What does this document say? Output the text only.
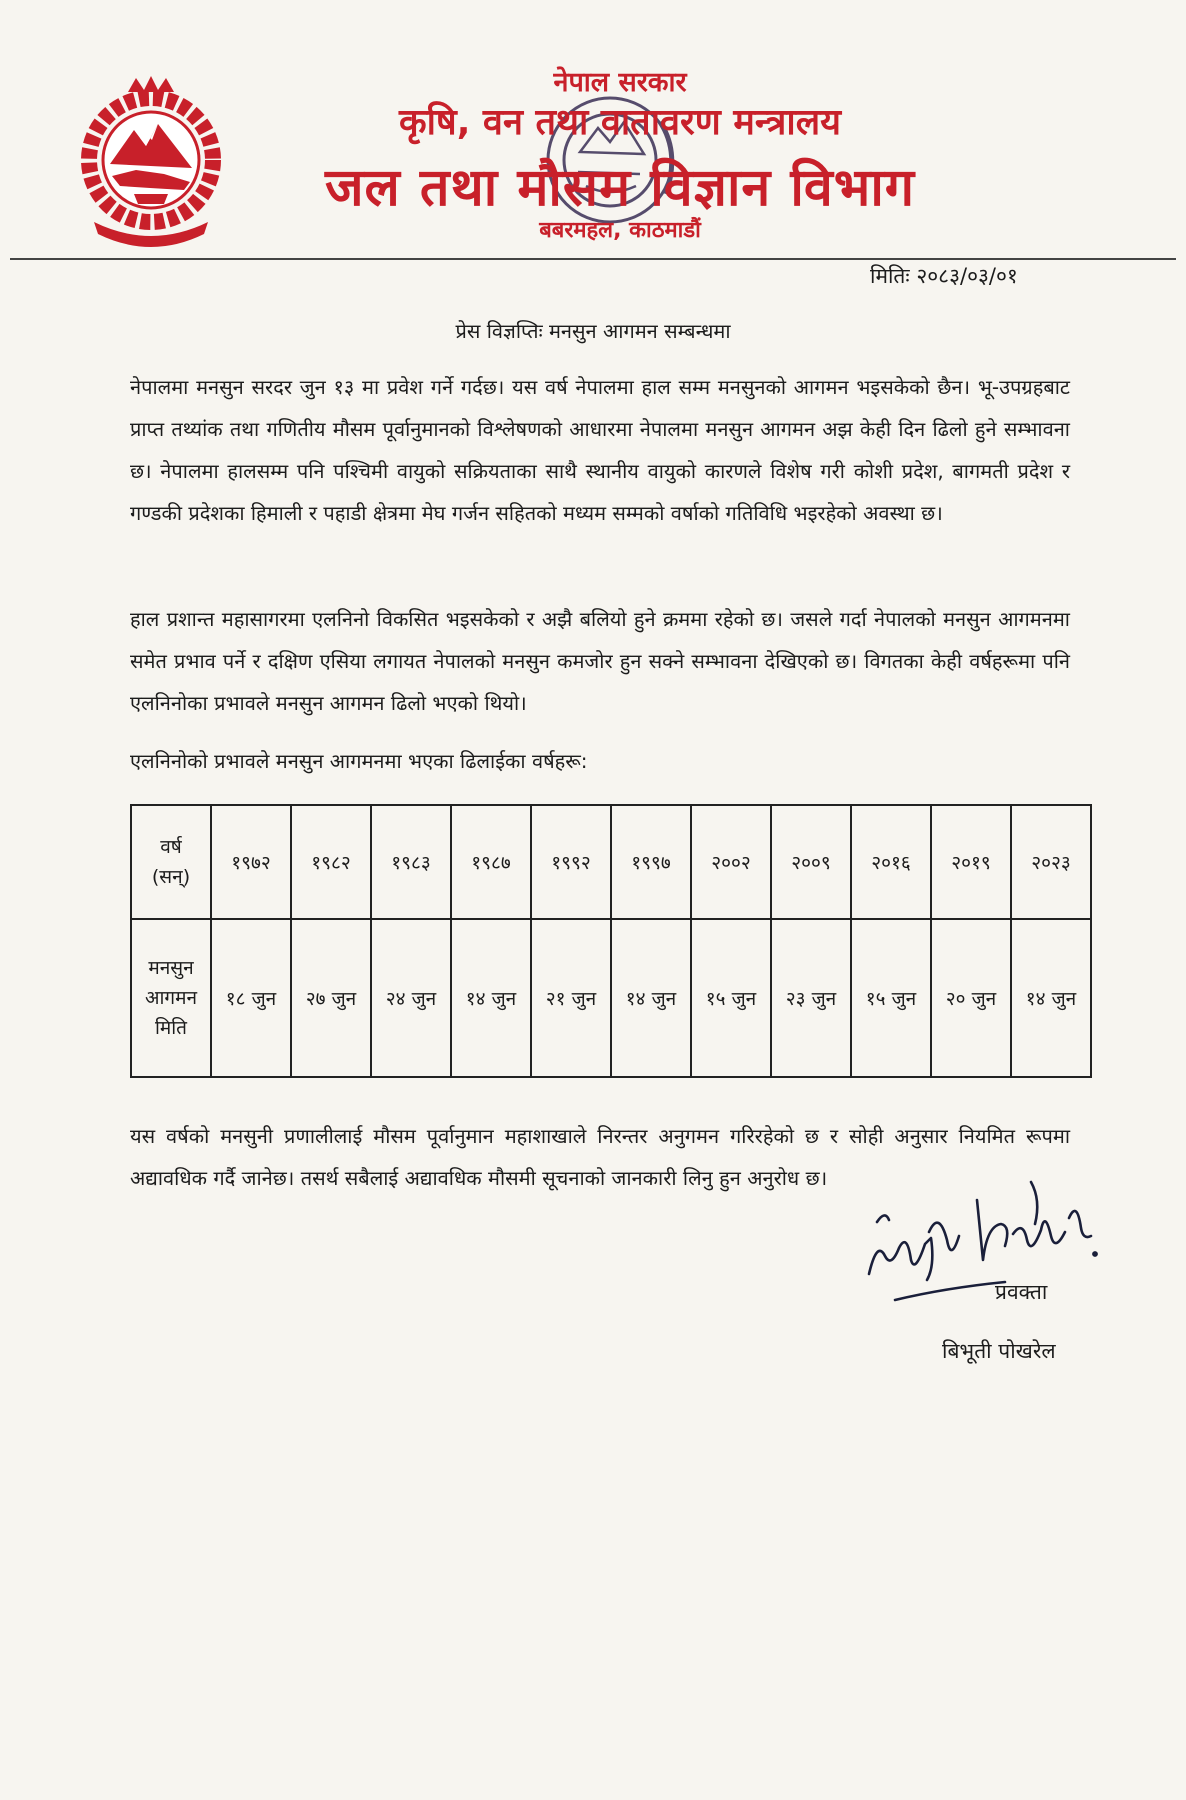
नेपाल सरकार
कृषि, वन तथा वातावरण मन्त्रालय
जल तथा मौसम विज्ञान विभाग
बबरमहल, काठमाडौं
मितिः २०८३/०३/०१
प्रेस विज्ञप्तिः मनसुन आगमन सम्बन्धमा

नेपालमा मनसुन सरदर जुन १३ मा प्रवेश गर्ने गर्दछ। यस वर्ष नेपालमा हाल सम्म मनसुनको आगमन भइसकेको छैन। भू-उपग्रहबाट प्राप्त तथ्यांक तथा गणितीय मौसम पूर्वानुमानको विश्लेषणको आधारमा नेपालमा मनसुन आगमन अझ केही दिन ढिलो हुने सम्भावना छ। नेपालमा हालसम्म पनि पश्चिमी वायुको सक्रियताका साथै स्थानीय वायुको कारणले विशेष गरी कोशी प्रदेश, बागमती प्रदेश र गण्डकी प्रदेशका हिमाली र पहाडी क्षेत्रमा मेघ गर्जन सहितको मध्यम सम्मको वर्षाको गतिविधि भइरहेको अवस्था छ।

हाल प्रशान्त महासागरमा एलनिनो विकसित भइसकेको र अझै बलियो हुने क्रममा रहेको छ। जसले गर्दा नेपालको मनसुन आगमनमा समेत प्रभाव पर्ने र दक्षिण एसिया लगायत नेपालको मनसुन कमजोर हुन सक्ने सम्भावना देखिएको छ। विगतका केही वर्षहरूमा पनि एलनिनोका प्रभावले मनसुन आगमन ढिलो भएको थियो।

एलनिनोको प्रभावले मनसुन आगमनमा भएका ढिलाईका वर्षहरू:

वर्ष
(सन्)	१९७२	१९८२	१९८३	१९८७	१९९२	१९९७	२००२	२००९	२०१६	२०१९	२०२३

मनसुन
आगमन
मिति	१८ जुन	२७ जुन	२४ जुन	१४ जुन	२१ जुन	१४ जुन	१५ जुन	२३ जुन	१५ जुन	२० जुन	१४ जुन

यस वर्षको मनसुनी प्रणालीलाई मौसम पूर्वानुमान महाशाखाले निरन्तर अनुगमन गरिरहेको छ र सोही अनुसार नियमित रूपमा अद्यावधिक गर्दै जानेछ। तसर्थ सबैलाई अद्यावधिक मौसमी सूचनाको जानकारी लिनु हुन अनुरोध छ।

प्रवक्ता
बिभूती पोखरेल
